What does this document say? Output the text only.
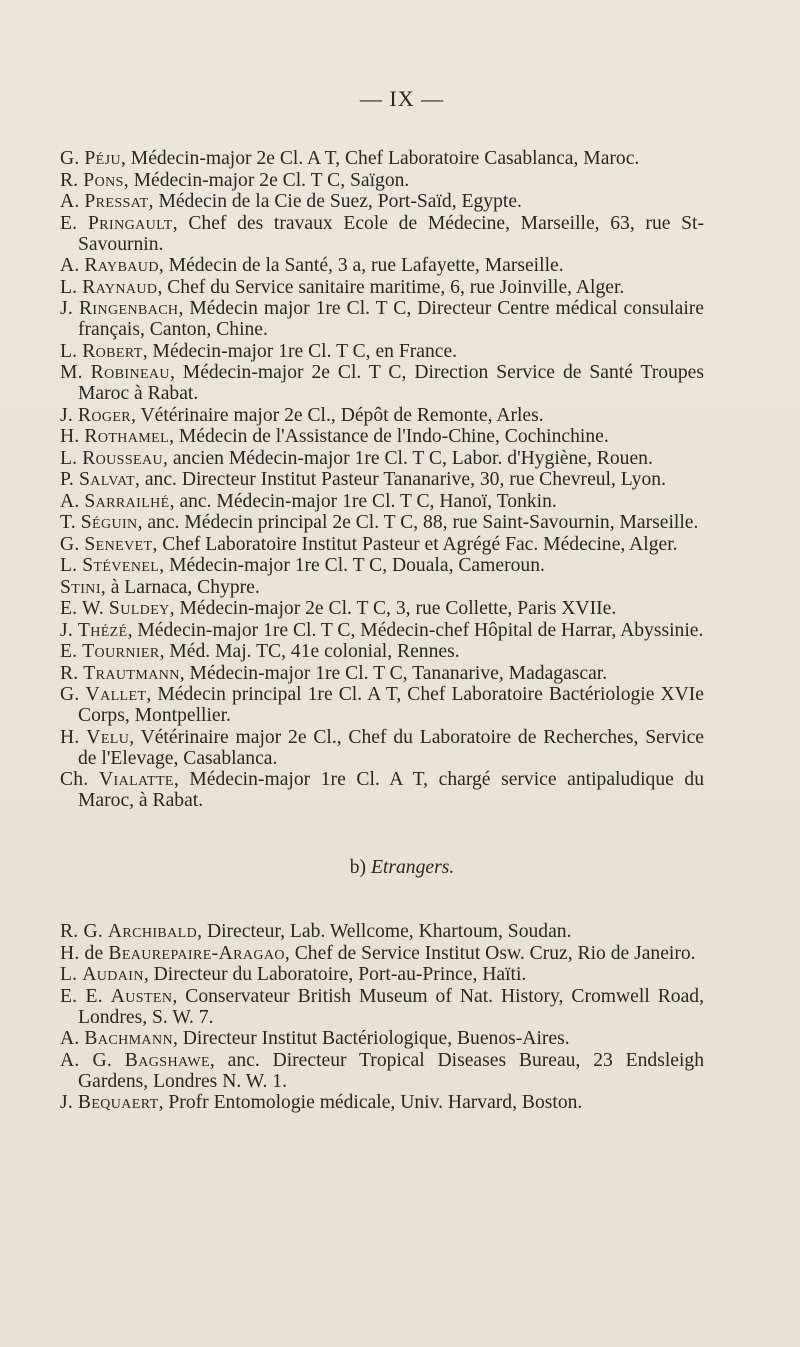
— IX —
G. Péju, Médecin-major 2e Cl. A T, Chef Laboratoire Casablanca, Maroc.
R. Pons, Médecin-major 2e Cl. T C, Saïgon.
A. Pressat, Médecin de la Cie de Suez, Port-Saïd, Egypte.
E. Pringault, Chef des travaux Ecole de Médecine, Marseille, 63, rue St-Savournin.
A. Raybaud, Médecin de la Santé, 3 a, rue Lafayette, Marseille.
L. Raynaud, Chef du Service sanitaire maritime, 6, rue Joinville, Alger.
J. Ringenbach, Médecin major 1re Cl. T C, Directeur Centre médical consulaire français, Canton, Chine.
L. Robert, Médecin-major 1re Cl. T C, en France.
M. Robineau, Médecin-major 2e Cl. T C, Direction Service de Santé Troupes Maroc à Rabat.
J. Roger, Vétérinaire major 2e Cl., Dépôt de Remonte, Arles.
H. Rothamel, Médecin de l'Assistance de l'Indo-Chine, Cochinchine.
L. Rousseau, ancien Médecin-major 1re Cl. T C, Labor. d'Hygiène, Rouen.
P. Salvat, anc. Directeur Institut Pasteur Tananarive, 30, rue Chevreul, Lyon.
A. Sarrailhé, anc. Médecin-major 1re Cl. T C, Hanoï, Tonkin.
T. Séguin, anc. Médecin principal 2e Cl. T C, 88, rue Saint-Savournin, Marseille.
G. Senevet, Chef Laboratoire Institut Pasteur et Agrégé Fac. Médecine, Alger.
L. Stévenel, Médecin-major 1re Cl. T C, Douala, Cameroun.
Stini, à Larnaca, Chypre.
E. W. Suldey, Médecin-major 2e Cl. T C, 3, rue Collette, Paris XVIIe.
J. Thézé, Médecin-major 1re Cl. T C, Médecin-chef Hôpital de Harrar, Abyssinie.
E. Tournier, Méd. Maj. TC, 41e colonial, Rennes.
R. Trautmann, Médecin-major 1re Cl. T C, Tananarive, Madagascar.
G. Vallet, Médecin principal 1re Cl. A T, Chef Laboratoire Bactériologie XVIe Corps, Montpellier.
H. Velu, Vétérinaire major 2e Cl., Chef du Laboratoire de Recherches, Service de l'Elevage, Casablanca.
Ch. Vialatte, Médecin-major 1re Cl. A T, chargé service antipaludique du Maroc, à Rabat.
b) Etrangers.
R. G. Archibald, Directeur, Lab. Wellcome, Khartoum, Soudan.
H. de Beaurepaire-Aragao, Chef de Service Institut Osw. Cruz, Rio de Janeiro.
L. Audain, Directeur du Laboratoire, Port-au-Prince, Haïti.
E. E. Austen, Conservateur British Museum of Nat. History, Cromwell Road, Londres, S. W. 7.
A. Bachmann, Directeur Institut Bactériologique, Buenos-Aires.
A. G. Bagshawe, anc. Directeur Tropical Diseases Bureau, 23 Endsleigh Gardens, Londres N. W. 1.
J. Bequaert, Profr Entomologie médicale, Univ. Harvard, Boston.
